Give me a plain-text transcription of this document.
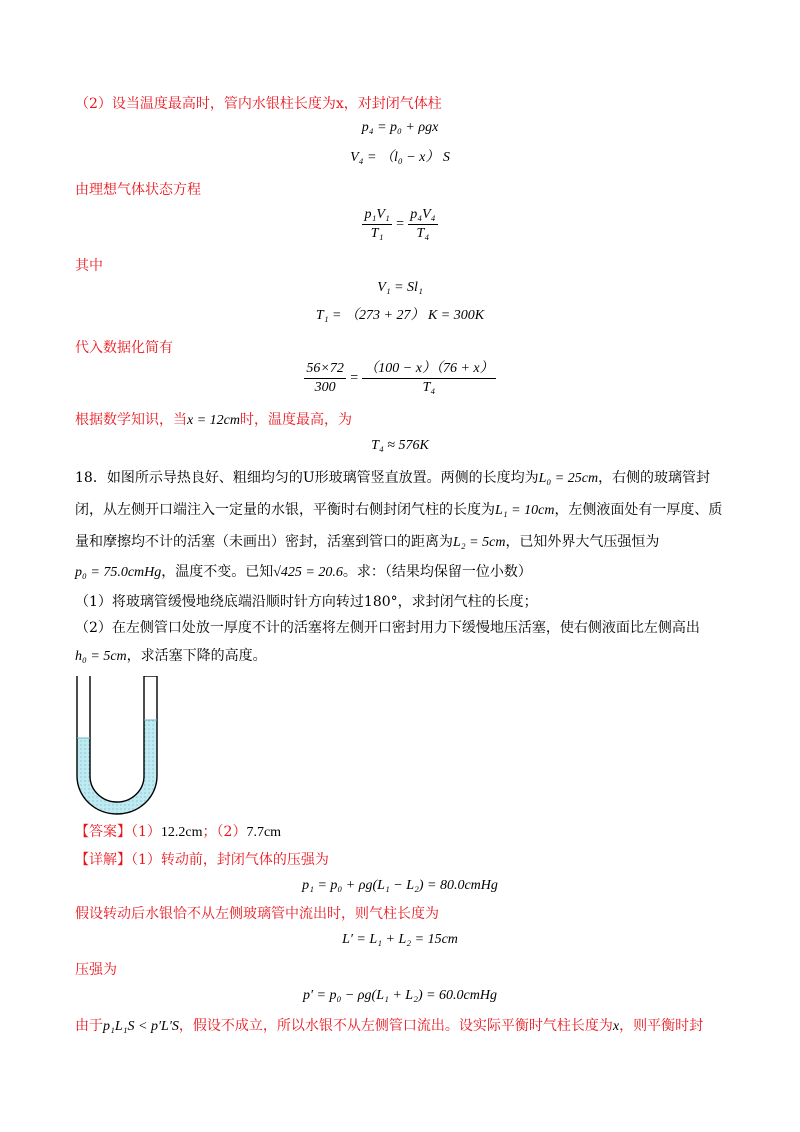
（2）设当温度最高时，管内水银柱长度为x，对封闭气体柱
p₄ = p₀ + ρgx
V₄ = （l₀ − x） S
由理想气体状态方程
$\frac{\text{p₁V₁}}{\text{T₁}} = \frac{\text{p₄V₄}}{\text{T₄}}$
其中
V₁ = Sl₁
T₁ = （273 + 27） K = 300K
代入数据化简有
$\frac{56\times 72}{300} = \frac{(100 - x)(76 + x)}{\text{T₄}}$
根据数学知识，当x = 12cm时，温度最高，为
T₄ ≈ 576K
18．如图所示导热良好、粗细均匀的U形玻璃管竖直放置。两侧的长度均为L₀ = 25cm，右侧的玻璃管封
闭，从左侧开口端注入一定量的水银，平衡时右侧封闭气柱的长度为L₁ = 10cm，左侧液面处有一厚度、质
量和摩擦均不计的活塞（未画出）密封，活塞到管口的距离为L₂ = 5cm，已知外界大气压强恒为
p₀ = 75.0cmHg，温度不变。已知√425 = 20.6。求：（结果均保留一位小数）
（1）将玻璃管缓慢地绕底端沿顺时针方向转过180°，求封闭气柱的长度；
（2）在左侧管口处放一厚度不计的活塞将左侧开口密封用力下缓慢地压活塞，使右侧液面比左侧高出
h₀ = 5cm，求活塞下降的高度。
【答案】（1）12.2cm；（2）7.7cm
【详解】（1）转动前，封闭气体的压强为
p₁ = p₀ + ρg(L₁ − L₂) = 80.0cmHg
假设转动后水银恰不从左侧玻璃管中流出时，则气柱长度为
L′ = L₁ + L₂ = 15cm
压强为
p′ = p₀ − ρg(L₁ + L₂) = 60.0cmHg
由于p₁L₁S < p′L′S，假设不成立，所以水银不从左侧管口流出。设实际平衡时气柱长度为x，则平衡时封
